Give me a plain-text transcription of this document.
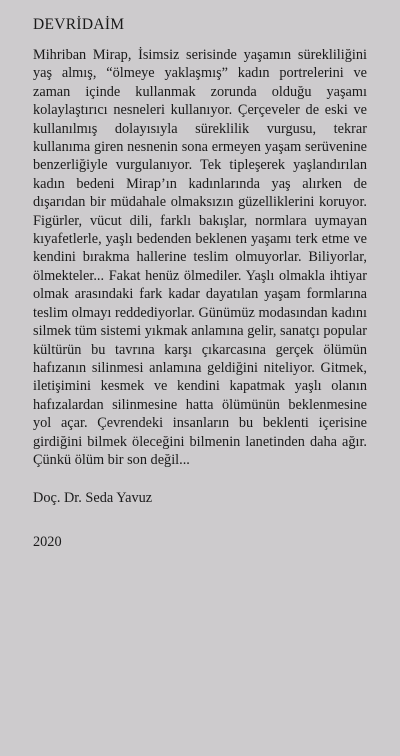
DEVRİDAİM

Mihriban Mirap, İsimsiz serisinde yaşamın sürekliliğini yaş almış, “ölmeye yaklaşmış” kadın portrelerini ve zaman içinde kullanmak zorunda olduğu yaşamı kolaylaştırıcı nesneleri kullanıyor. Çerçeveler de eski ve kullanılmış dolayısıyla süreklilik vurgusu, tekrar kullanıma giren nesnenin sona ermeyen yaşam serüvenine benzerliğiyle vurgulanıyor. Tek tipleşerek yaşlandırılan kadın bedeni Mirap’ın kadınlarında yaş alırken de dışarıdan bir müdahale olmaksızın güzelliklerini koruyor. Figürler, vücut dili, farklı bakışlar, normlara uymayan kıyafetlerle, yaşlı bedenden beklenen yaşamı terk etme ve kendini bırakma hallerine teslim olmuyorlar. Biliyorlar, ölmekteler... Fakat henüz ölmediler. Yaşlı olmakla ihtiyar olmak arasındaki fark kadar dayatılan yaşam formlarına teslim olmayı reddediyorlar. Günümüz modasından kadını silmek tüm sistemi yıkmak anlamına gelir, sanatçı popular kültürün bu tavrına karşı çıkarcasına gerçek ölümün hafızanın silinmesi anlamına geldiğini niteliyor. Gitmek, iletişimini kesmek ve kendini kapatmak yaşlı olanın hafızalardan silinmesine hatta ölümünün beklenmesine yol açar. Çevrendeki insanların bu beklenti içerisine girdiğini bilmek öleceğini bilmenin lanetinden daha ağır. Çünkü ölüm bir son değil...

Doç. Dr. Seda Yavuz
2020
